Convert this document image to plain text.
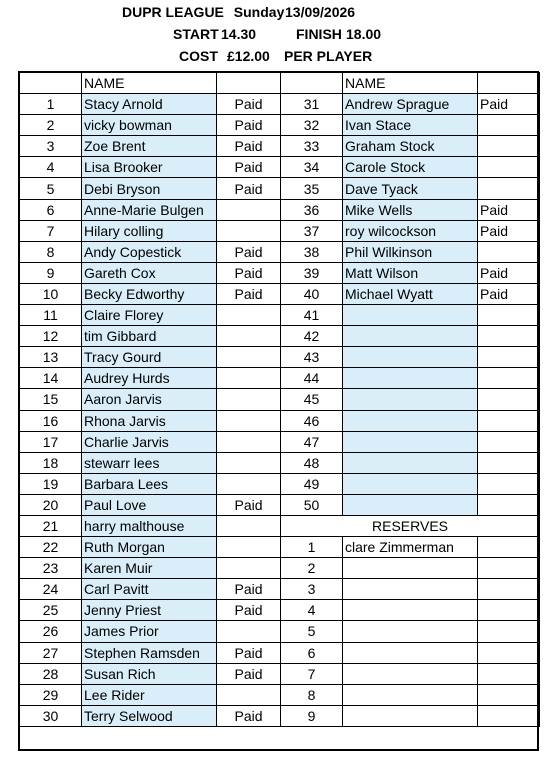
DUPR LEAGUE Sunday 13/09/2026
START 14.30	FINISH 18.00
COST £12.00 PER PLAYER
	NAME			NAME	
1	Stacy Arnold	Paid	31	Andrew Sprague	Paid
2	vicky bowman	Paid	32	Ivan Stace	
3	Zoe Brent	Paid	33	Graham Stock	
4	Lisa Brooker	Paid	34	Carole Stock	
5	Debi Bryson	Paid	35	Dave Tyack	
6	Anne-Marie Bulgen		36	Mike Wells	Paid
7	Hilary colling		37	roy wilcockson	Paid
8	Andy Copestick	Paid	38	Phil Wilkinson	
9	Gareth Cox	Paid	39	Matt Wilson	Paid
10	Becky Edworthy	Paid	40	Michael Wyatt	Paid
11	Claire Florey		41		
12	tim Gibbard		42		
13	Tracy Gourd		43		
14	Audrey Hurds		44		
15	Aaron Jarvis		45		
16	Rhona Jarvis		46		
17	Charlie Jarvis		47		
18	stewarr lees		48		
19	Barbara Lees		49		
20	Paul Love	Paid	50		
21	harry malthouse		RESERVES		
22	Ruth Morgan		1	clare Zimmerman	
23	Karen Muir		2		
24	Carl Pavitt	Paid	3		
25	Jenny Priest	Paid	4		
26	James Prior		5		
27	Stephen Ramsden	Paid	6		
28	Susan Rich	Paid	7		
29	Lee Rider		8		
30	Terry Selwood	Paid	9		
